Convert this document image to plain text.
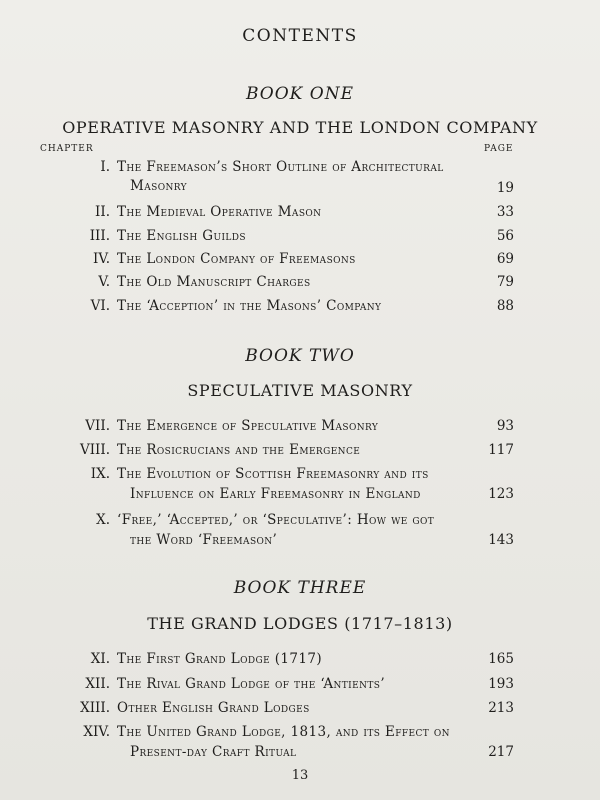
CONTENTS
BOOK ONE
OPERATIVE MASONRY AND THE LONDON COMPANY
CHAPTER	PAGE
I. The Freemason’s Short Outline of Architectural
Masonry	19
II. The Medieval Operative Mason	33
III. The English Guilds	56
IV. The London Company of Freemasons	69
V. The Old Manuscript Charges	79
VI. The ‘Acception’ in the Masons’ Company	88
BOOK TWO
SPECULATIVE MASONRY
VII. The Emergence of Speculative Masonry	93
VIII. The Rosicrucians and the Emergence	117
IX. The Evolution of Scottish Freemasonry and its
Influence on Early Freemasonry in England	123
X. ‘Free,’ ‘Accepted,’ or ‘Speculative’: How we got
the Word ‘Freemason’	143
BOOK THREE
THE GRAND LODGES (1717–1813)
XI. The First Grand Lodge (1717)	165
XII. The Rival Grand Lodge of the ‘Antients’	193
XIII. Other English Grand Lodges	213
XIV. The United Grand Lodge, 1813, and its Effect on
Present-day Craft Ritual	217
13
